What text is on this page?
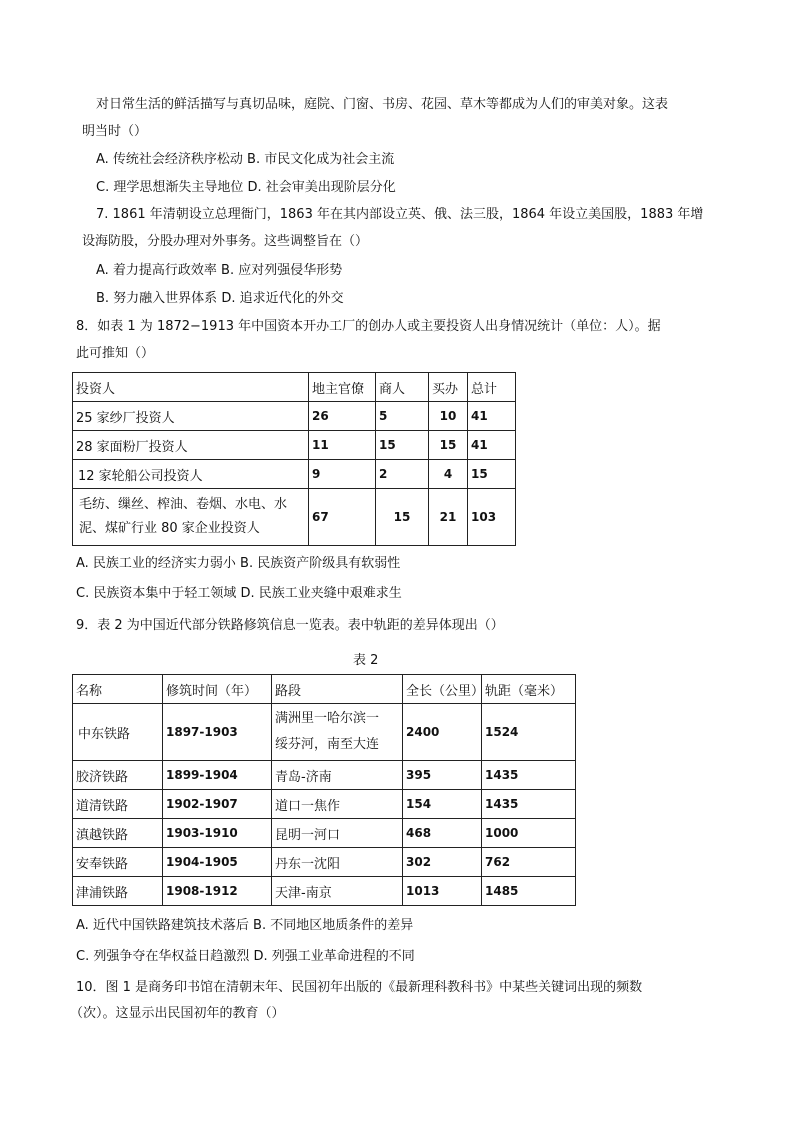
对日常生活的鲜活描写与真切品味，庭院、门窗、书房、花园、草木等都成为人们的审美对象。这表
明当时（）
A. 传统社会经济秩序松动 B. 市民文化成为社会主流
C. 理学思想渐失主导地位 D. 社会审美出现阶层分化
7. 1861 年清朝设立总理衙门，1863 年在其内部设立英、俄、法三股，1864 年设立美国股，1883 年增
设海防股，分股办理对外事务。这些调整旨在（）
A. 着力提高行政效率 B. 应对列强侵华形势
B. 努力融入世界体系 D. 追求近代化的外交
8．如表 1 为 1872−1913 年中国资本开办工厂的创办人或主要投资人出身情况统计（单位：人）。据
此可推知（）
投资人	地主官僚	商人	买办	总计
25 家纱厂投资人	26	5	10	41
28 家面粉厂投资人	11	15	15	41
12 家轮船公司投资人	9	2	4	15

毛纺、缫丝、榨油、卷烟、水电、水
泥、煤矿行业 80 家企业投资人	67	15	21	103
A. 民族工业的经济实力弱小 B. 民族资产阶级具有软弱性
C. 民族资本集中于轻工领域 D. 民族工业夹缝中艰难求生
9．表 2 为中国近代部分铁路修筑信息一览表。表中轨距的差异体现出（）
表 2
名称	修筑时间（年）	路段	全长（公里）	轨距（毫米）
中东铁路	1897-1903	满洲里一哈尔滨一
绥芬河，南至大连	2400	1524
胶济铁路	1899-1904	青岛-济南	395	1435
道清铁路	1902-1907	道口一焦作	154	1435
滇越铁路	1903-1910	昆明一河口	468	1000
安奉铁路	1904-1905	丹东一沈阳	302	762
津浦铁路	1908-1912	天津-南京	1013	1485
A. 近代中国铁路建筑技术落后 B. 不同地区地质条件的差异
C. 列强争夺在华权益日趋激烈 D. 列强工业革命进程的不同
10．图 1 是商务印书馆在清朝末年、民国初年出版的《最新理科教科书》中某些关键词出现的频数
（次）。这显示出民国初年的教育（）
